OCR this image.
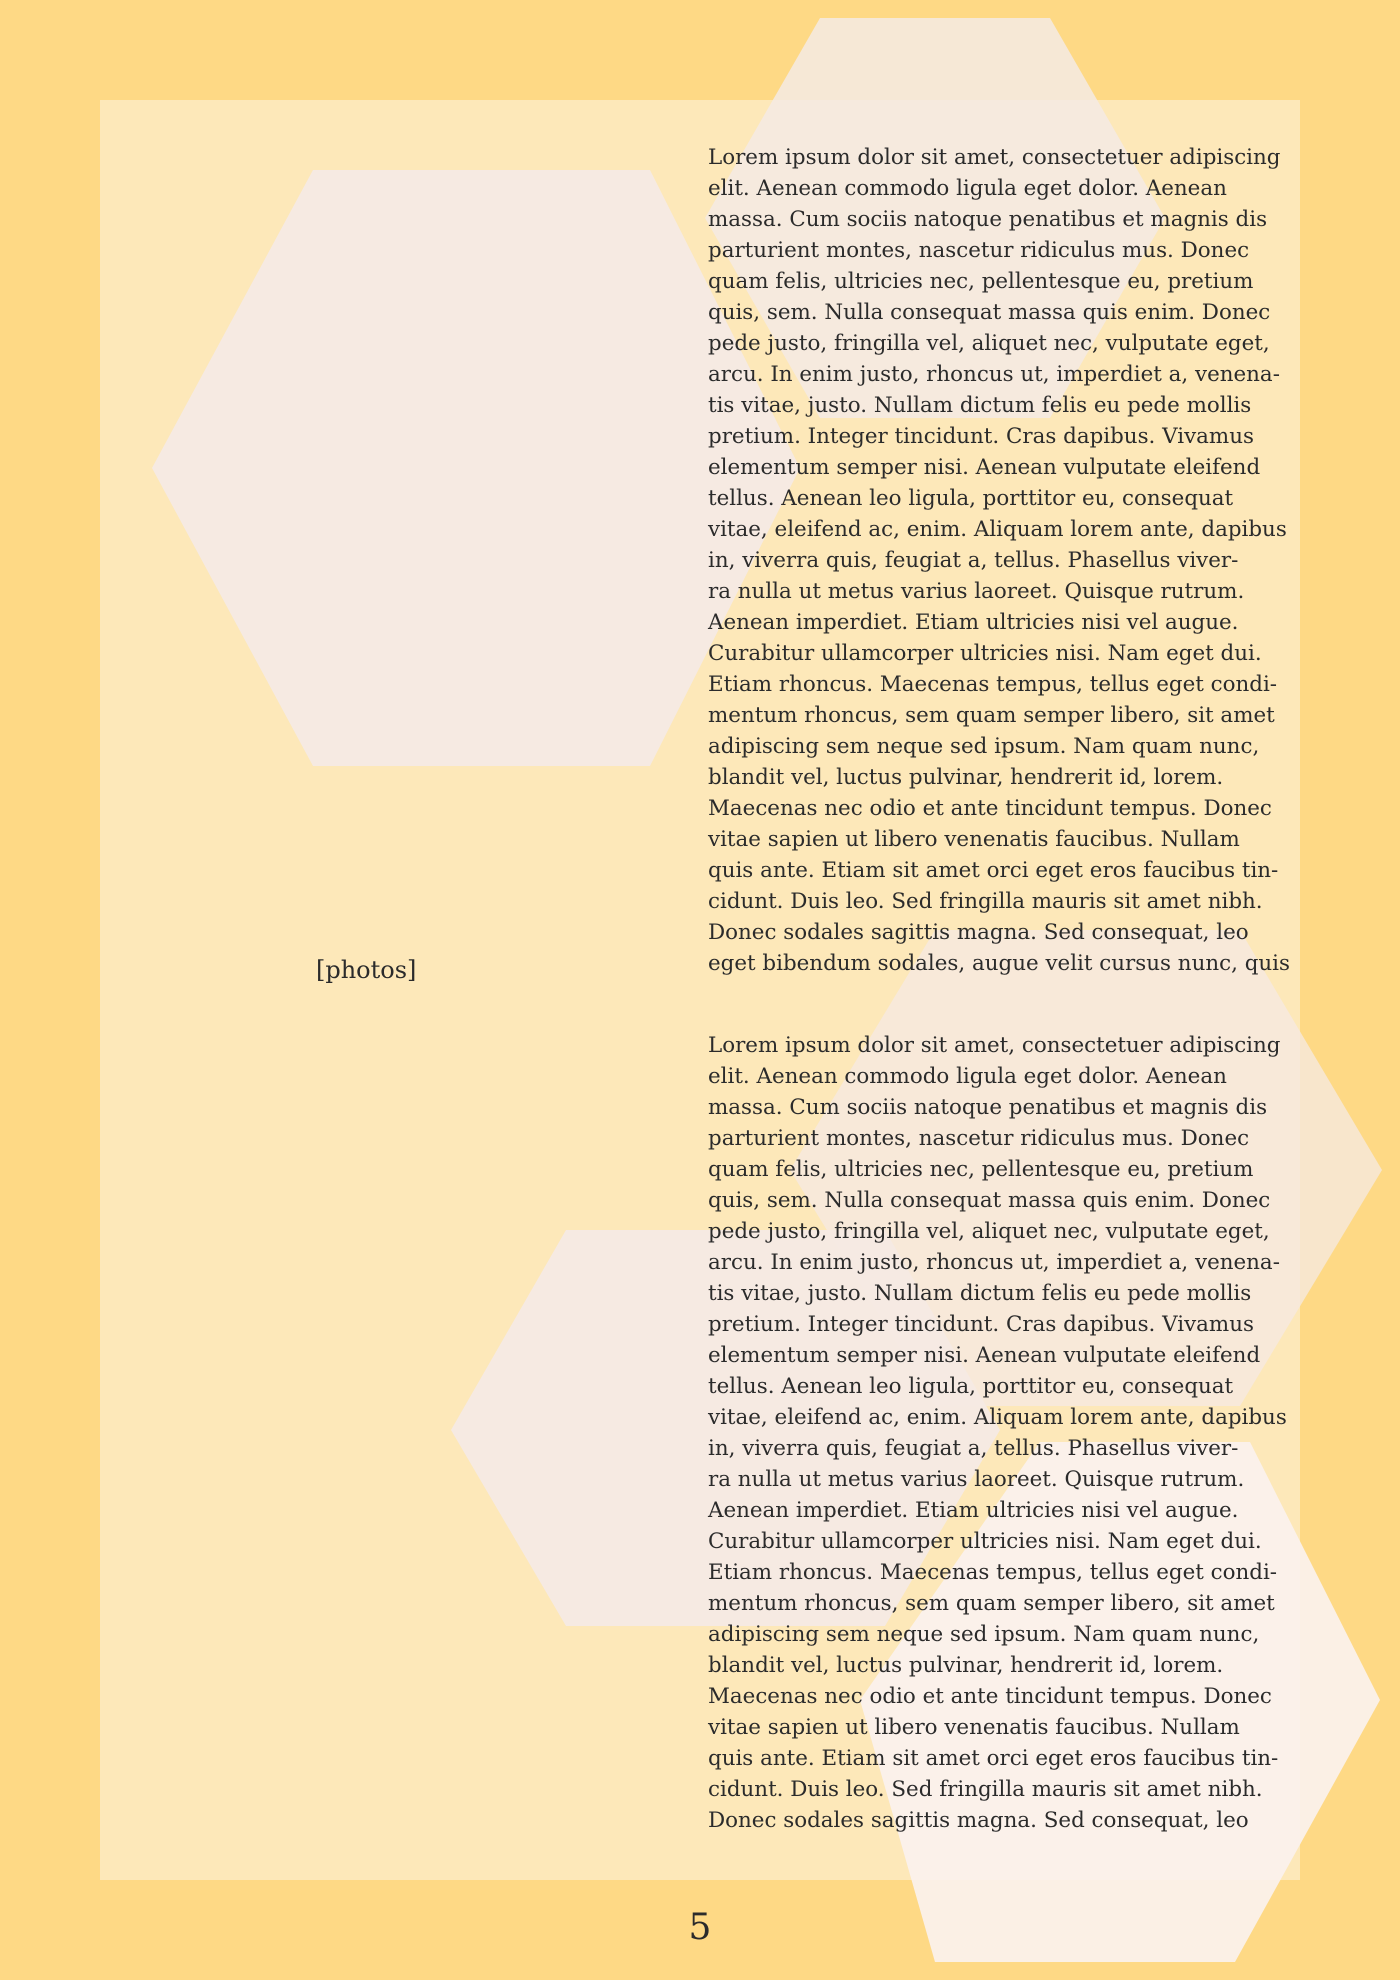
Lorem ipsum dolor sit amet, consectetuer adipiscing
elit. Aenean commodo ligula eget dolor. Aenean
massa. Cum sociis natoque penatibus et magnis dis
parturient montes, nascetur ridiculus mus. Donec
quam felis, ultricies nec, pellentesque eu, pretium
quis, sem. Nulla consequat massa quis enim. Donec
pede justo, fringilla vel, aliquet nec, vulputate eget,
arcu. In enim justo, rhoncus ut, imperdiet a, venena-
tis vitae, justo. Nullam dictum felis eu pede mollis
pretium. Integer tincidunt. Cras dapibus. Vivamus
elementum semper nisi. Aenean vulputate eleifend
tellus. Aenean leo ligula, porttitor eu, consequat
vitae, eleifend ac, enim. Aliquam lorem ante, dapibus
in, viverra quis, feugiat a, tellus. Phasellus viver-
ra nulla ut metus varius laoreet. Quisque rutrum.
Aenean imperdiet. Etiam ultricies nisi vel augue.
Curabitur ullamcorper ultricies nisi. Nam eget dui.
Etiam rhoncus. Maecenas tempus, tellus eget condi-
mentum rhoncus, sem quam semper libero, sit amet
adipiscing sem neque sed ipsum. Nam quam nunc,
blandit vel, luctus pulvinar, hendrerit id, lorem.
Maecenas nec odio et ante tincidunt tempus. Donec
vitae sapien ut libero venenatis faucibus. Nullam
quis ante. Etiam sit amet orci eget eros faucibus tin-
cidunt. Duis leo. Sed fringilla mauris sit amet nibh.
Donec sodales sagittis magna. Sed consequat, leo
eget bibendum sodales, augue velit cursus nunc, quis

Lorem ipsum dolor sit amet, consectetuer adipiscing
elit. Aenean commodo ligula eget dolor. Aenean
massa. Cum sociis natoque penatibus et magnis dis
parturient montes, nascetur ridiculus mus. Donec
quam felis, ultricies nec, pellentesque eu, pretium
quis, sem. Nulla consequat massa quis enim. Donec
pede justo, fringilla vel, aliquet nec, vulputate eget,
arcu. In enim justo, rhoncus ut, imperdiet a, venena-
tis vitae, justo. Nullam dictum felis eu pede mollis
pretium. Integer tincidunt. Cras dapibus. Vivamus
elementum semper nisi. Aenean vulputate eleifend
tellus. Aenean leo ligula, porttitor eu, consequat
vitae, eleifend ac, enim. Aliquam lorem ante, dapibus
in, viverra quis, feugiat a, tellus. Phasellus viver-
ra nulla ut metus varius laoreet. Quisque rutrum.
Aenean imperdiet. Etiam ultricies nisi vel augue.
Curabitur ullamcorper ultricies nisi. Nam eget dui.
Etiam rhoncus. Maecenas tempus, tellus eget condi-
mentum rhoncus, sem quam semper libero, sit amet
adipiscing sem neque sed ipsum. Nam quam nunc,
blandit vel, luctus pulvinar, hendrerit id, lorem.
Maecenas nec odio et ante tincidunt tempus. Donec
vitae sapien ut libero venenatis faucibus. Nullam
quis ante. Etiam sit amet orci eget eros faucibus tin-
cidunt. Duis leo. Sed fringilla mauris sit amet nibh.
Donec sodales sagittis magna. Sed consequat, leo

[photos]
5
